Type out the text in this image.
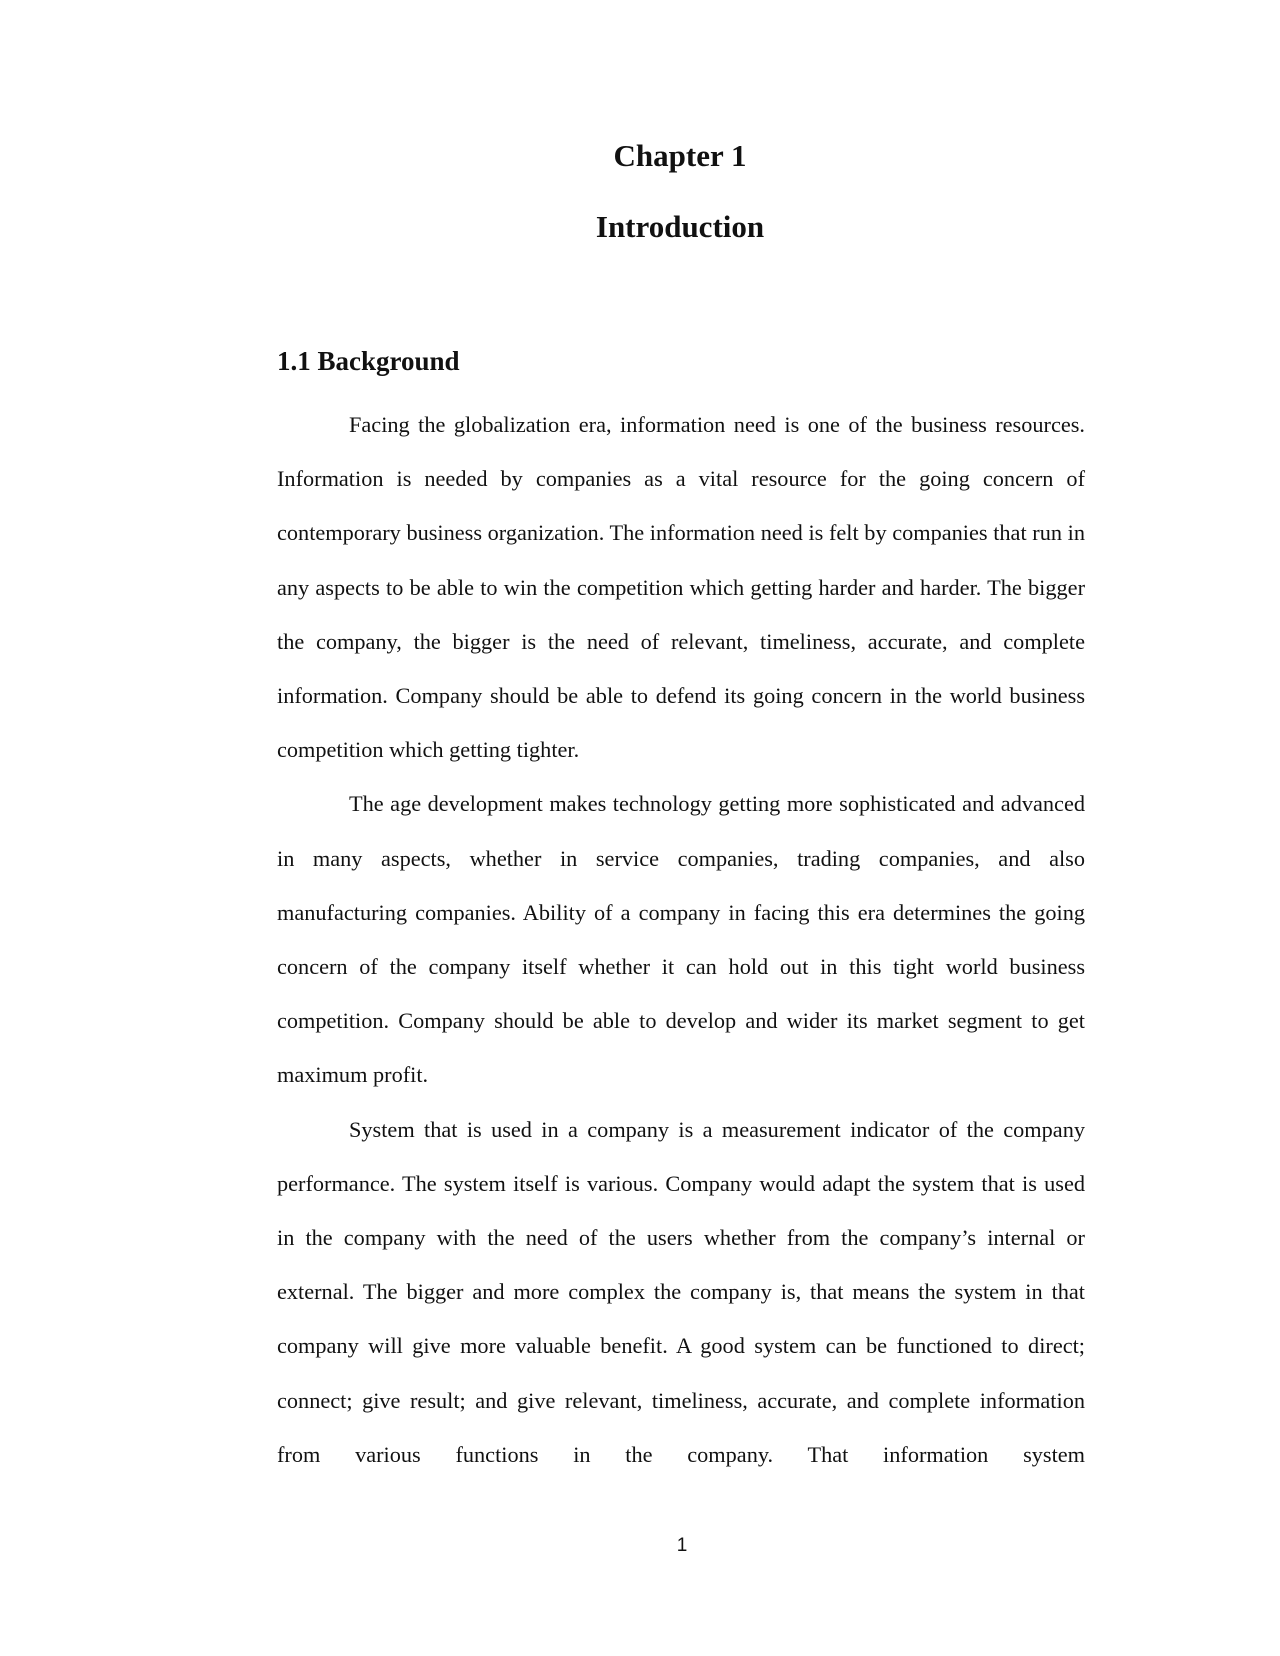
Chapter 1
Introduction
1.1 Background

Facing the globalization era, information need is one of the business resources. Information is needed by companies as a vital resource for the going concern of contemporary business organization. The information need is felt by companies that run in any aspects to be able to win the competition which getting harder and harder. The bigger the company, the bigger is the need of relevant, timeliness, accurate, and complete information. Company should be able to defend its going concern in the world business competition which getting tighter.

The age development makes technology getting more sophisticated and advanced in many aspects, whether in service companies, trading companies, and also manufacturing companies. Ability of a company in facing this era determines the going concern of the company itself whether it can hold out in this tight world business competition. Company should be able to develop and wider its market segment to get maximum profit.

System that is used in a company is a measurement indicator of the company performance. The system itself is various. Company would adapt the system that is used in the company with the need of the users whether from the company’s internal or external. The bigger and more complex the company is, that means the system in that company will give more valuable benefit. A good system can be functioned to direct; connect; give result; and give relevant, timeliness, accurate, and complete information from various functions in the company. That information system

1
